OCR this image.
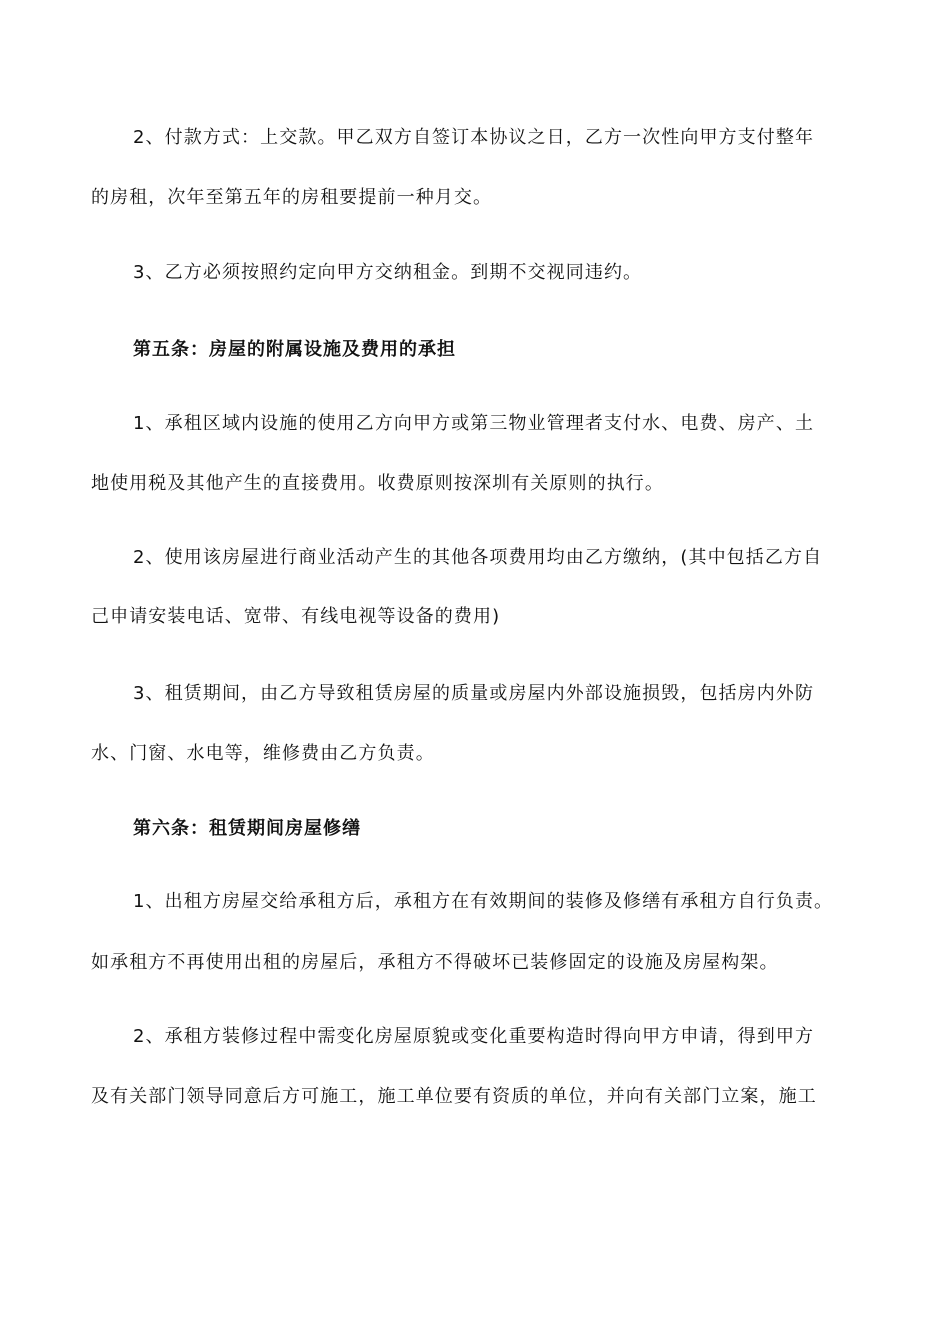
2、付款方式：上交款。甲乙双方自签订本协议之日，乙方一次性向甲方支付整年
的房租，次年至第五年的房租要提前一种月交。
3、乙方必须按照约定向甲方交纳租金。到期不交视同违约。
第五条：房屋的附属设施及费用的承担
1、承租区域内设施的使用乙方向甲方或第三物业管理者支付水、电费、房产、土
地使用税及其他产生的直接费用。收费原则按深圳有关原则的执行。
2、使用该房屋进行商业活动产生的其他各项费用均由乙方缴纳，(其中包括乙方自
己申请安装电话、宽带、有线电视等设备的费用)
3、租赁期间，由乙方导致租赁房屋的质量或房屋内外部设施损毁，包括房内外防
水、门窗、水电等，维修费由乙方负责。
第六条：租赁期间房屋修缮
1、出租方房屋交给承租方后，承租方在有效期间的装修及修缮有承租方自行负责。
如承租方不再使用出租的房屋后，承租方不得破坏已装修固定的设施及房屋构架。
2、承租方装修过程中需变化房屋原貌或变化重要构造时得向甲方申请，得到甲方
及有关部门领导同意后方可施工，施工单位要有资质的单位，并向有关部门立案，施工
